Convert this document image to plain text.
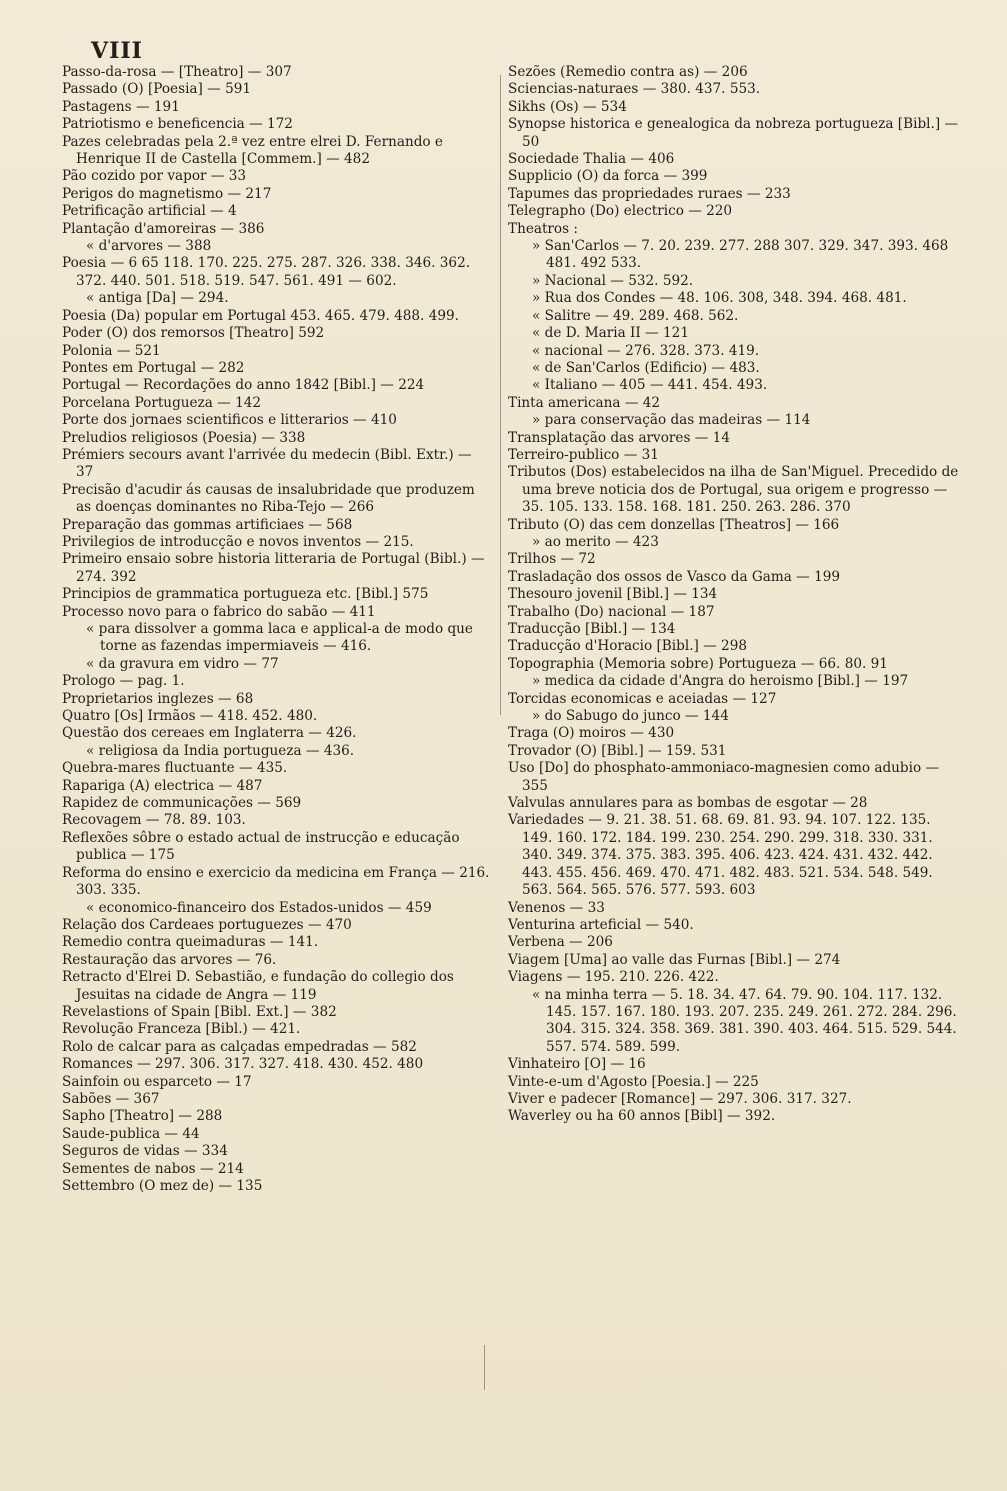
VIII
Passo-da-rosa — [Theatro] — 307
Passado (O) [Poesia] — 591
Pastagens — 191
Patriotismo e beneficencia — 172
Pazes celebradas pela 2.ª vez entre elrei D. Fernando e Henrique II de Castella [Commem.] — 482
Pão cozido por vapor — 33
Perigos do magnetismo — 217
Petrificação artificial — 4
Plantação d'amoreiras — 386
« d'arvores — 388
Poesia — 6 65 118. 170. 225. 275. 287. 326. 338. 346. 362. 372. 440. 501. 518. 519. 547. 561. 491 — 602.
« antiga [Da] — 294.
Poesia (Da) popular em Portugal 453. 465. 479. 488. 499.
Poder (O) dos remorsos [Theatro] 592
Polonia — 521
Pontes em Portugal — 282
Portugal — Recordações do anno 1842 [Bibl.] — 224
Porcelana Portugueza — 142
Porte dos jornaes scientificos e litterarios — 410
Preludios religiosos (Poesia) — 338
Prémiers secours avant l'arrivée du medecin (Bibl. Extr.) — 37
Precisão d'acudir ás causas de insalubridade que produzem as doenças dominantes no Riba-Tejo — 266
Preparação das gommas artificiaes — 568
Privilegios de introducção e novos inventos — 215.
Primeiro ensaio sobre historia litteraria de Portugal (Bibl.) — 274. 392
Principios de grammatica portugueza etc. [Bibl.] 575
Processo novo para o fabrico do sabão — 411
« para dissolver a gomma laca e applical-a de modo que torne as fazendas impermiaveis — 416.
« da gravura em vidro — 77
Prologo — pag. 1.
Proprietarios inglezes — 68
Quatro [Os] Irmãos — 418. 452. 480.
Questão dos cereaes em Inglaterra — 426.
« religiosa da India portugueza — 436.
Quebra-mares fluctuante — 435.
Rapariga (A) electrica — 487
Rapidez de communicações — 569
Recovagem — 78. 89. 103.
Reflexões sôbre o estado actual de instrucção e educação publica — 175
Reforma do ensino e exercicio da medicina em França — 216. 303. 335.
« economico-financeiro dos Estados-unidos — 459
Relação dos Cardeaes portuguezes — 470
Remedio contra queimaduras — 141.
Restauração das arvores — 76.
Retracto d'Elrei D. Sebastião, e fundação do collegio dos Jesuitas na cidade de Angra — 119
Revelastions of Spain [Bibl. Ext.] — 382
Revolução Franceza [Bibl.) — 421.
Rolo de calcar para as calçadas empedradas — 582
Romances — 297. 306. 317. 327. 418. 430. 452. 480
Sainfoin ou esparceto — 17
Sabões — 367
Sapho [Theatro] — 288
Saude-publica — 44
Seguros de vidas — 334
Sementes de nabos — 214
Settembro (O mez de) — 135
Sezões (Remedio contra as) — 206
Sciencias-naturaes — 380. 437. 553.
Sikhs (Os) — 534
Synopse historica e genealogica da nobreza portugueza [Bibl.] — 50
Sociedade Thalia — 406
Supplicio (O) da forca — 399
Tapumes das propriedades ruraes — 233
Telegrapho (Do) electrico — 220
Theatros :
» San'Carlos — 7. 20. 239. 277. 288 307. 329. 347. 393. 468 481. 492 533.
» Nacional — 532. 592.
» Rua dos Condes — 48. 106. 308, 348. 394. 468. 481.
« Salitre — 49. 289. 468. 562.
« de D. Maria II — 121
« nacional — 276. 328. 373. 419.
« de San'Carlos (Edificio) — 483.
« Italiano — 405 — 441. 454. 493.
Tinta americana — 42
» para conservação das madeiras — 114
Transplatação das arvores — 14
Terreiro-publico — 31
Tributos (Dos) estabelecidos na ilha de San'Miguel. Precedido de uma breve noticia dos de Portugal, sua origem e progresso — 35. 105. 133. 158. 168. 181. 250. 263. 286. 370
Tributo (O) das cem donzellas [Theatros] — 166
» ao merito — 423
Trilhos — 72
Trasladação dos ossos de Vasco da Gama — 199
Thesouro jovenil [Bibl.] — 134
Trabalho (Do) nacional — 187
Traducção [Bibl.] — 134
Traducção d'Horacio [Bibl.] — 298
Topographia (Memoria sobre) Portugueza — 66. 80. 91
» medica da cidade d'Angra do heroismo [Bibl.] — 197
Torcidas economicas e aceiadas — 127
» do Sabugo do junco — 144
Traga (O) moiros — 430
Trovador (O) [Bibl.] — 159. 531
Uso [Do] do phosphato-ammoniaco-magnesien como adubio — 355
Valvulas annulares para as bombas de esgotar — 28
Variedades — 9. 21. 38. 51. 68. 69. 81. 93. 94. 107. 122. 135. 149. 160. 172. 184. 199. 230. 254. 290. 299. 318. 330. 331. 340. 349. 374. 375. 383. 395. 406. 423. 424. 431. 432. 442. 443. 455. 456. 469. 470. 471. 482. 483. 521. 534. 548. 549. 563. 564. 565. 576. 577. 593. 603
Venenos — 33
Venturina arteficial — 540.
Verbena — 206
Viagem [Uma] ao valle das Furnas [Bibl.] — 274
Viagens — 195. 210. 226. 422.
« na minha terra — 5. 18. 34. 47. 64. 79. 90. 104. 117. 132. 145. 157. 167. 180. 193. 207. 235. 249. 261. 272. 284. 296. 304. 315. 324. 358. 369. 381. 390. 403. 464. 515. 529. 544. 557. 574. 589. 599.
Vinhateiro [O] — 16
Vinte-e-um d'Agosto [Poesia.] — 225
Viver e padecer [Romance] — 297. 306. 317. 327.
Waverley ou ha 60 annos [Bibl] — 392.
